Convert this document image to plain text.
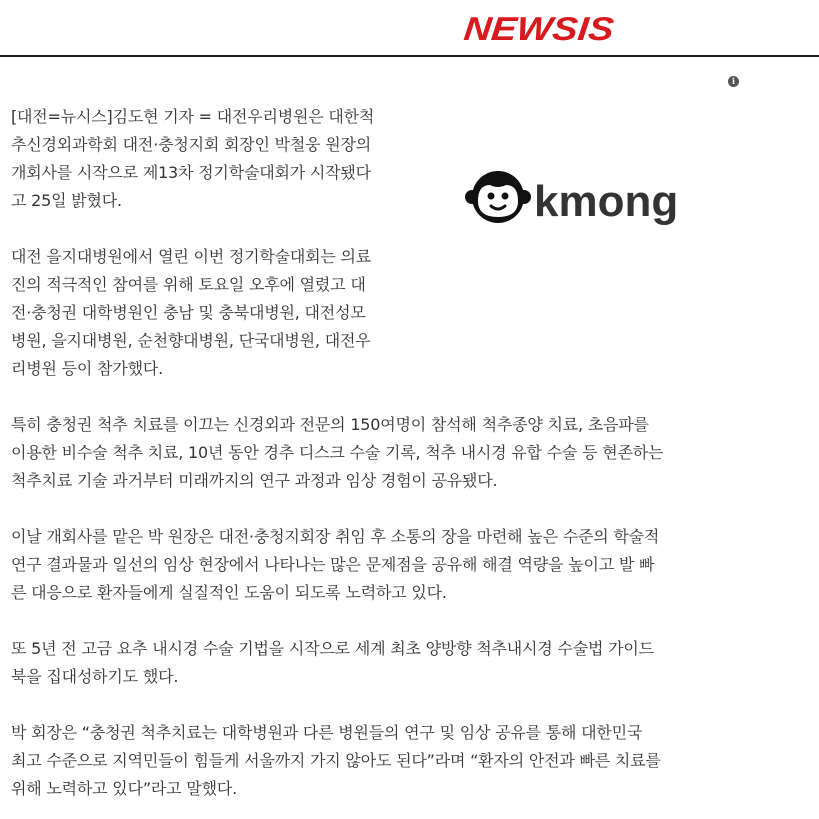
NEWSIS
i
kmong
[대전=뉴시스]김도현 기자 = 대전우리병원은 대한척
추신경외과학회 대전·충청지회 회장인 박철웅 원장의
개회사를 시작으로 제13차 정기학술대회가 시작됐다
고 25일 밝혔다.
대전 을지대병원에서 열린 이번 정기학술대회는 의료
진의 적극적인 참여를 위해 토요일 오후에 열렸고 대
전·충청권 대학병원인 충남 및 충북대병원, 대전성모
병원, 을지대병원, 순천향대병원, 단국대병원, 대전우
리병원 등이 참가했다.
특히 충청권 척추 치료를 이끄는 신경외과 전문의 150여명이 참석해 척추종양 치료, 초음파를
이용한 비수술 척추 치료, 10년 동안 경추 디스크 수술 기록, 척추 내시경 유합 수술 등 현존하는
척추치료 기술 과거부터 미래까지의 연구 과정과 임상 경험이 공유됐다.
이날 개회사를 맡은 박 원장은 대전·충청지회장 취임 후 소통의 장을 마련해 높은 수준의 학술적
연구 결과물과 일선의 임상 현장에서 나타나는 많은 문제점을 공유해 해결 역량을 높이고 발 빠
른 대응으로 환자들에게 실질적인 도움이 되도록 노력하고 있다.
또 5년 전 고금 요추 내시경 수술 기법을 시작으로 세계 최초 양방향 척추내시경 수술법 가이드
북을 집대성하기도 했다.
박 회장은 “충청권 척추치료는 대학병원과 다른 병원들의 연구 및 임상 공유를 통해 대한민국
최고 수준으로 지역민들이 힘들게 서울까지 가지 않아도 된다”라며 “환자의 안전과 빠른 치료를
위해 노력하고 있다”라고 말했다.
